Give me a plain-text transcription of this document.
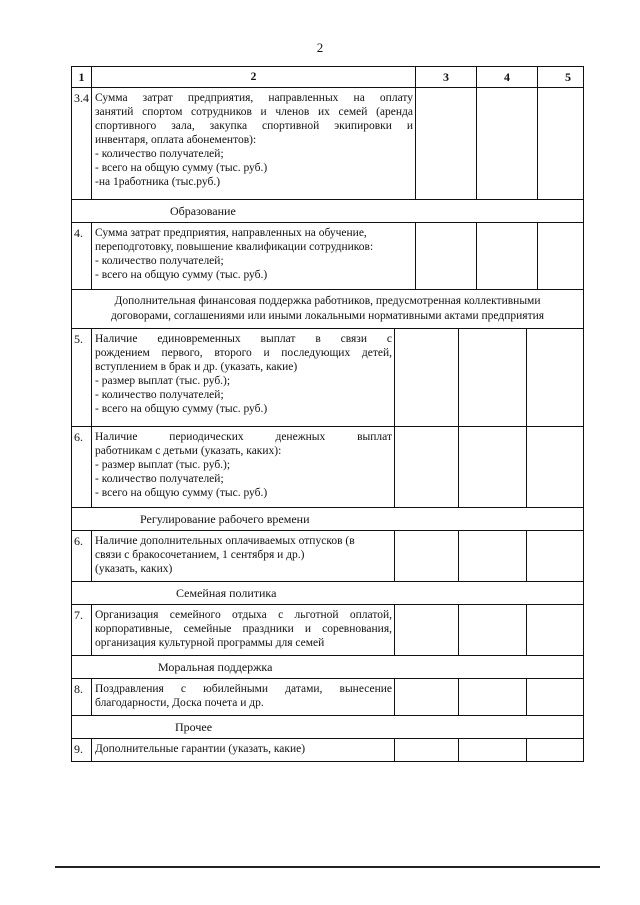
2
1	2	3	4	5
3.4 Сумма затрат предприятия, направленных на оплату
занятий спортом сотрудников и членов их семей (аренда
спортивного зала, закупка спортивной экипировки и
инвентаря, оплата абонементов):
- количество получателей;
- всего на общую сумму (тыс. руб.)
-на 1работника (тыс.руб.)
Образование
4.	Сумма затрат предприятия, направленных на обучение,
переподготовку, повышение квалификации сотрудников:
- количество получателей;
- всего на общую сумму (тыс. руб.)
Дополнительная финансовая поддержка работников, предусмотренная коллективными
договорами, соглашениями или иными локальными нормативными актами предприятия
5.	Наличие единовременных выплат в связи с
рождением первого, второго и последующих детей,
вступлением в брак и др. (указать, какие)
- размер выплат (тыс. руб.);
- количество получателей;
- всего на общую сумму (тыс. руб.)
6.	Наличие периодических денежных выплат
работникам с детьми (указать, каких):
- размер выплат (тыс. руб.);
- количество получателей;
- всего на общую сумму (тыс. руб.)
Регулирование рабочего времени
6.	Наличие дополнительных оплачиваемых отпусков (в
связи с бракосочетанием, 1 сентября и др.)
(указать, каких)
Семейная политика
7.	Организация семейного отдыха с льготной оплатой,
корпоративные, семейные праздники и соревнования,
организация культурной программы для семей
Моральная поддержка
8.	Поздравления с юбилейными датами, вынесение
благодарности, Доска почета и др.
Прочее
9.	Дополнительные гарантии (указать, какие)
